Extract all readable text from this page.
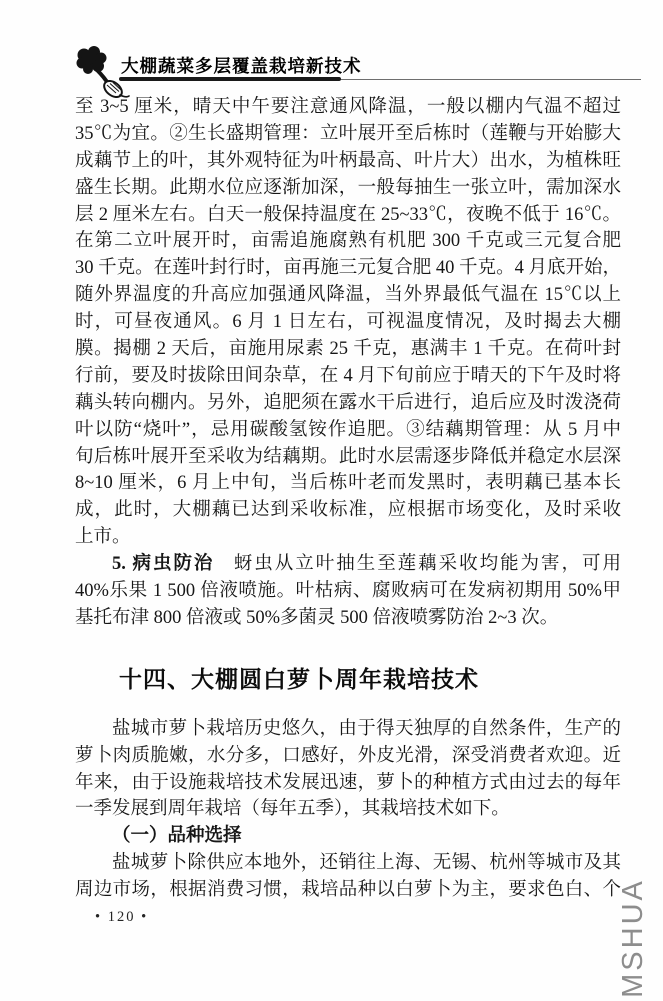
大棚蔬菜多层覆盖栽培新技术
至 3~5 厘米，晴天中午要注意通风降温，一般以棚内气温不超过
35℃为宜。②生长盛期管理：立叶展开至后栋时（莲鞭与开始膨大
成藕节上的叶，其外观特征为叶柄最高、叶片大）出水，为植株旺
盛生长期。此期水位应逐渐加深，一般每抽生一张立叶，需加深水
层 2 厘米左右。白天一般保持温度在 25~33℃，夜晚不低于 16℃。
在第二立叶展开时，亩需追施腐熟有机肥 300 千克或三元复合肥
30 千克。在莲叶封行时，亩再施三元复合肥 40 千克。4 月底开始，
随外界温度的升高应加强通风降温，当外界最低气温在 15℃以上
时，可昼夜通风。6 月 1 日左右，可视温度情况，及时揭去大棚
膜。揭棚 2 天后，亩施用尿素 25 千克，惠满丰 1 千克。在荷叶封
行前，要及时拔除田间杂草，在 4 月下旬前应于晴天的下午及时将
藕头转向棚内。另外，追肥须在露水干后进行，追后应及时泼浇荷
叶以防“烧叶”，忌用碳酸氢铵作追肥。③结藕期管理：从 5 月中
旬后栋叶展开至采收为结藕期。此时水层需逐步降低并稳定水层深
8~10 厘米，6 月上中旬，当后栋叶老而发黑时，表明藕已基本长
成，此时，大棚藕已达到采收标准，应根据市场变化，及时采收
上市。
5. 病虫防治 蚜虫从立叶抽生至莲藕采收均能为害，可用
40%乐果 1 500 倍液喷施。叶枯病、腐败病可在发病初期用 50%甲
基托布津 800 倍液或 50%多菌灵 500 倍液喷雾防治 2~3 次。
十四、大棚圆白萝卜周年栽培技术
盐城市萝卜栽培历史悠久，由于得天独厚的自然条件，生产的
萝卜肉质脆嫩，水分多，口感好，外皮光滑，深受消费者欢迎。近
年来，由于设施栽培技术发展迅速，萝卜的种植方式由过去的每年
一季发展到周年栽培（每年五季），其栽培技术如下。
（一）品种选择
盐城萝卜除供应本地外，还销往上海、无锡、杭州等城市及其
周边市场，根据消费习惯，栽培品种以白萝卜为主，要求色白、个
• 120 •	MSHUA
